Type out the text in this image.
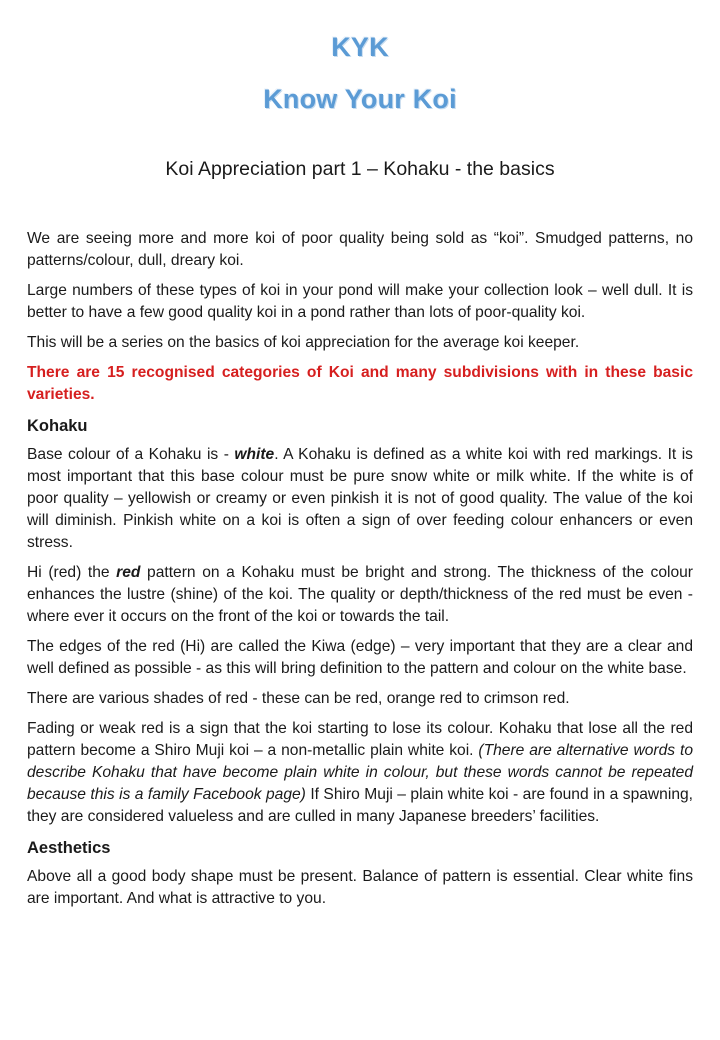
KYK
Know Your Koi
Koi Appreciation part 1 – Kohaku - the basics

We are seeing more and more koi of poor quality being sold as “koi”. Smudged patterns, no patterns/colour, dull, dreary koi.

Large numbers of these types of koi in your pond will make your collection look – well dull. It is better to have a few good quality koi in a pond rather than lots of poor-quality koi.

This will be a series on the basics of koi appreciation for the average koi keeper.

There are 15 recognised categories of Koi and many subdivisions with in these basic varieties.

Kohaku

Base colour of a Kohaku is - white. A Kohaku is defined as a white koi with red markings. It is most important that this base colour must be pure snow white or milk white. If the white is of poor quality – yellowish or creamy or even pinkish it is not of good quality. The value of the koi will diminish. Pinkish white on a koi is often a sign of over feeding colour enhancers or even stress.

Hi (red) the red pattern on a Kohaku must be bright and strong. The thickness of the colour enhances the lustre (shine) of the koi. The quality or depth/thickness of the red must be even - where ever it occurs on the front of the koi or towards the tail.

The edges of the red (Hi) are called the Kiwa (edge) – very important that they are a clear and well defined as possible - as this will bring definition to the pattern and colour on the white base.

There are various shades of red - these can be red, orange red to crimson red.

Fading or weak red is a sign that the koi starting to lose its colour. Kohaku that lose all the red pattern become a Shiro Muji koi – a non-metallic plain white koi. (There are alternative words to describe Kohaku that have become plain white in colour, but these words cannot be repeated because this is a family Facebook page) If Shiro Muji – plain white koi - are found in a spawning, they are considered valueless and are culled in many Japanese breeders’ facilities.

Aesthetics

Above all a good body shape must be present. Balance of pattern is essential. Clear white fins are important. And what is attractive to you.
